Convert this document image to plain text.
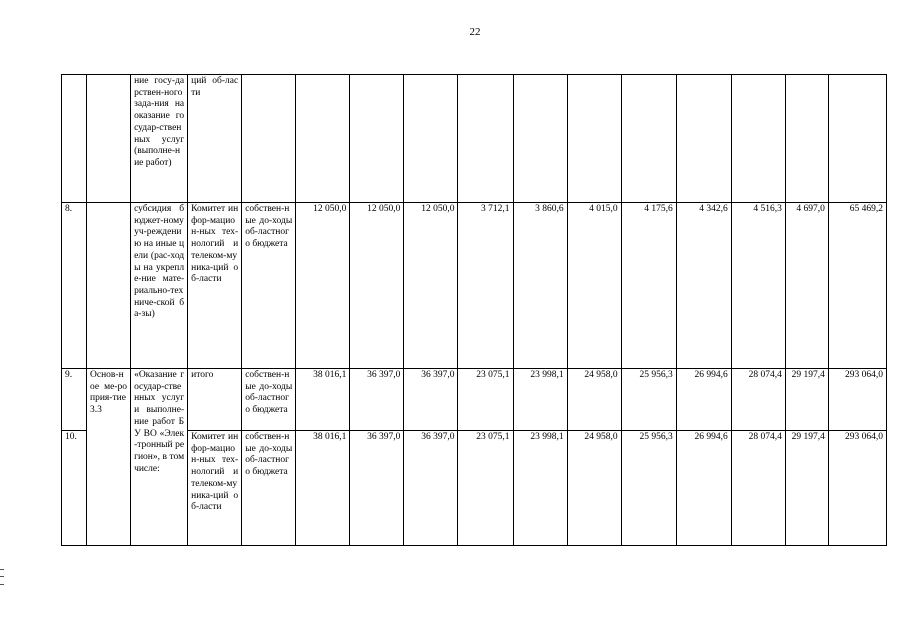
22
		ние госу-дарствен-ного зада-ния на оказание государ-ственных услуг (выполне-ние работ)	ций об-ласти												
8.		субсидия бюджет-ному уч-реждению на иные цели (рас-ходы на укрепле-ние мате-риально-техниче-ской ба-зы)	Комитет инфор-мацион-ных тех-нологий и телеком-муника-ций об-ласти	собствен-ные до-ходы об-ластного бюджета	12 050,0	12 050,0	12 050,0	3 712,1	3 860,6	4 015,0	4 175,6	4 342,6	4 516,3	4 697,0	65 469,2
9.	Основ-ное ме-роприя-тие 3.3	«Оказание государ-ственных услуг и выполне-ние работ БУ ВО «Элек-тронный регион», в том числе:	итого	собствен-ные до-ходы об-ластного бюджета	38 016,1	36 397,0	36 397,0	23 075,1	23 998,1	24 958,0	25 956,3	26 994,6	28 074,4	29 197,4	293 064,0
10.			Комитет инфор-мацион-ных тех-нологий и телеком-муника-ций об-ласти	собствен-ные до-ходы об-ластного бюджета	38 016,1	36 397,0	36 397,0	23 075,1	23 998,1	24 958,0	25 956,3	26 994,6	28 074,4	29 197,4	293 064,0
